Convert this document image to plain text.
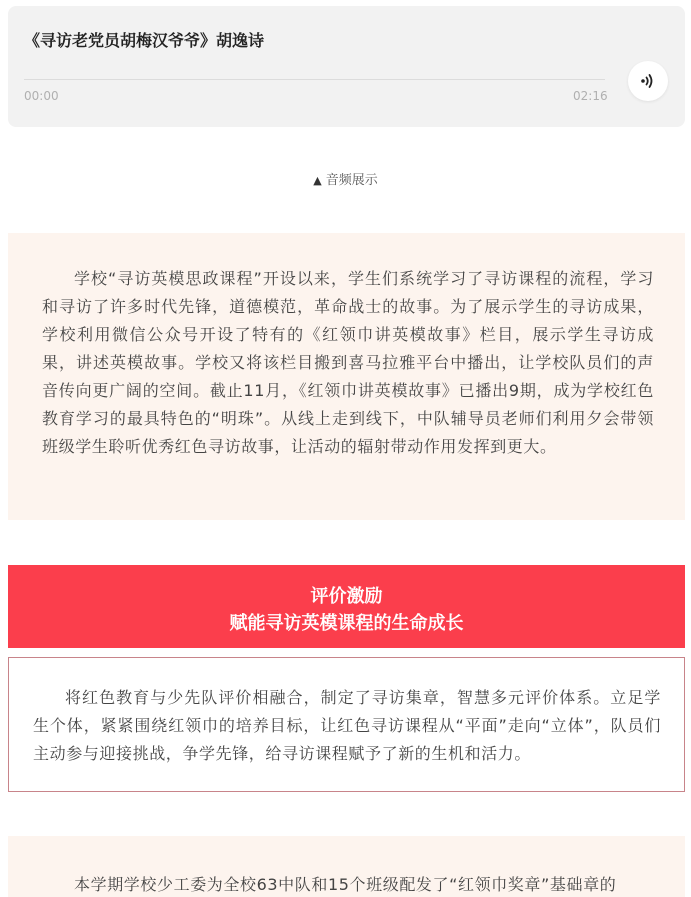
《寻访老党员胡梅汉爷爷》胡逸诗
00:00	02:16
▲ 音频展示

学校“寻访英模思政课程”开设以来，学生们系统学习了寻访课程的流程，学习和寻访了许多时代先锋，道德模范，革命战士的故事。为了展示学生的寻访成果，学校利用微信公众号开设了特有的《红领巾讲英模故事》栏目，展示学生寻访成果，讲述英模故事。学校又将该栏目搬到喜马拉雅平台中播出，让学校队员们的声音传向更广阔的空间。截止11月，《红领巾讲英模故事》已播出9期，成为学校红色教育学习的最具特色的“明珠”。从线上走到线下，中队辅导员老师们利用夕会带领班级学生聆听优秀红色寻访故事，让活动的辐射带动作用发挥到更大。

评价激励
赋能寻访英模课程的生命成长

将红色教育与少先队评价相融合，制定了寻访集章，智慧多元评价体系。立足学生个体，紧紧围绕红领巾的培养目标，让红色寻访课程从“平面”走向“立体”，队员们主动参与迎接挑战，争学先锋，给寻访课程赋予了新的生机和活力。

本学期学校少工委为全校63中队和15个班级配发了“红领巾奖章”基础章的
